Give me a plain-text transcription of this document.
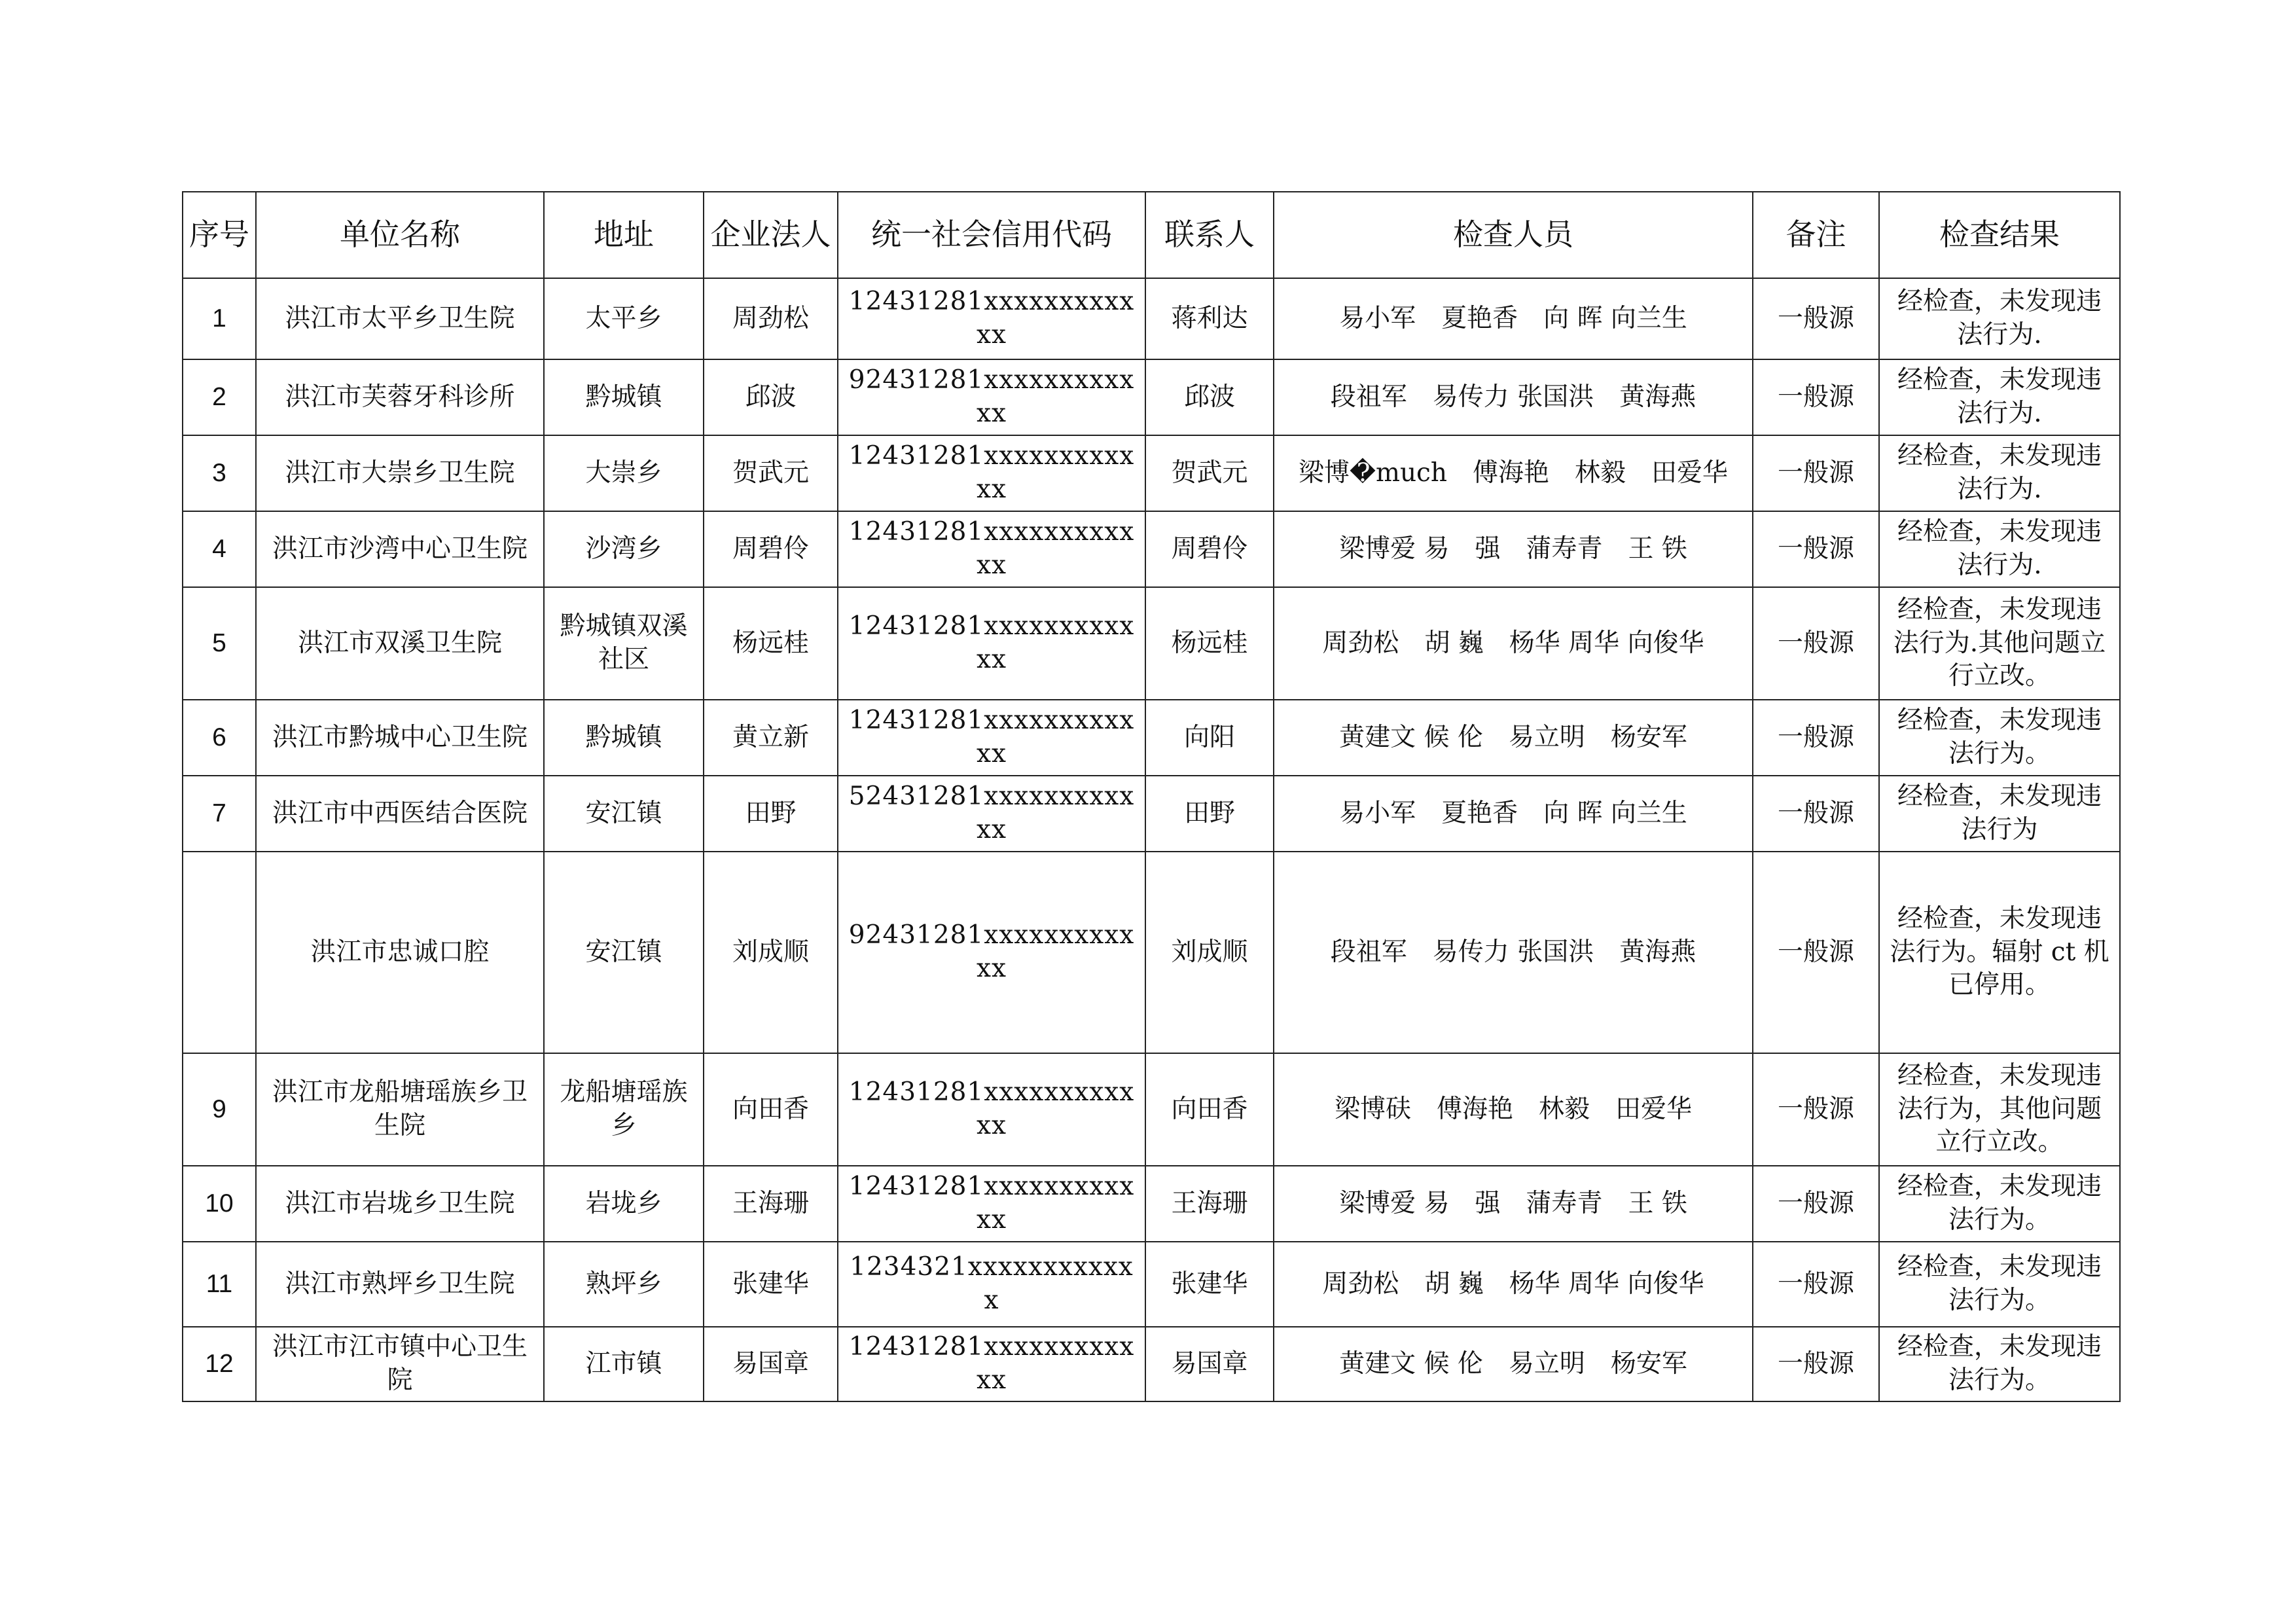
序号	单位名称	地址	企业法人	统一社会信用代码	联系人	检查人员	备注	检查结果
1	洪江市太平乡卫生院	太平乡	周劲松	12431281xxxxxxxxxxxx	蒋利达	易小军　夏艳香　向 晖 向兰生	一般源	经检查，未发现违法行为.
2	洪江市芙蓉牙科诊所	黔城镇	邱波	92431281xxxxxxxxxxxx	邱波	段祖军　易传力 张国洪　黄海燕	一般源	经检查，未发现违法行为.
3	洪江市大崇乡卫生院	大崇乡	贺武元	12431281xxxxxxxxxxxx	贺武元	梁博�much　傅海艳　林毅　田爱华	一般源	经检查，未发现违法行为.
4	洪江市沙湾中心卫生院	沙湾乡	周碧伶	12431281xxxxxxxxxxxx	周碧伶	梁博爱 易　强　蒲寿青　王 铁	一般源	经检查，未发现违法行为.
5	洪江市双溪卫生院	黔城镇双溪社区	杨远桂	12431281xxxxxxxxxxxx	杨远桂	周劲松　胡 巍　杨华 周华 向俊华	一般源	经检查，未发现违法行为.其他问题立行立改。
6	洪江市黔城中心卫生院	黔城镇	黄立新	12431281xxxxxxxxxxxx	向阳	黄建文 候 伦　易立明　杨安军	一般源	经检查，未发现违法行为。
7	洪江市中西医结合医院	安江镇	田野	52431281xxxxxxxxxxxx	田野	易小军　夏艳香　向 晖 向兰生	一般源	经检查，未发现违法行为
	洪江市忠诚口腔	安江镇	刘成顺	92431281xxxxxxxxxxxx	刘成顺	段祖军　易传力 张国洪　黄海燕	一般源	经检查，未发现违法行为。辐射 ct 机已停用。
9	洪江市龙船塘瑶族乡卫生院	龙船塘瑶族乡	向田香	12431281xxxxxxxxxxxx	向田香	梁博砆　傅海艳　林毅　田爱华	一般源	经检查，未发现违法行为，其他问题立行立改。
10	洪江市岩垅乡卫生院	岩垅乡	王海珊	12431281xxxxxxxxxxxx	王海珊	梁博爱 易　强　蒲寿青　王 铁	一般源	经检查，未发现违法行为。
11	洪江市熟坪乡卫生院	熟坪乡	张建华	1234321xxxxxxxxxxxx	张建华	周劲松　胡 巍　杨华 周华 向俊华	一般源	经检查，未发现违法行为。
12	洪江市江市镇中心卫生院	江市镇	易国章	12431281xxxxxxxxxxxx	易国章	黄建文 候 伦　易立明　杨安军	一般源	经检查，未发现违法行为。
